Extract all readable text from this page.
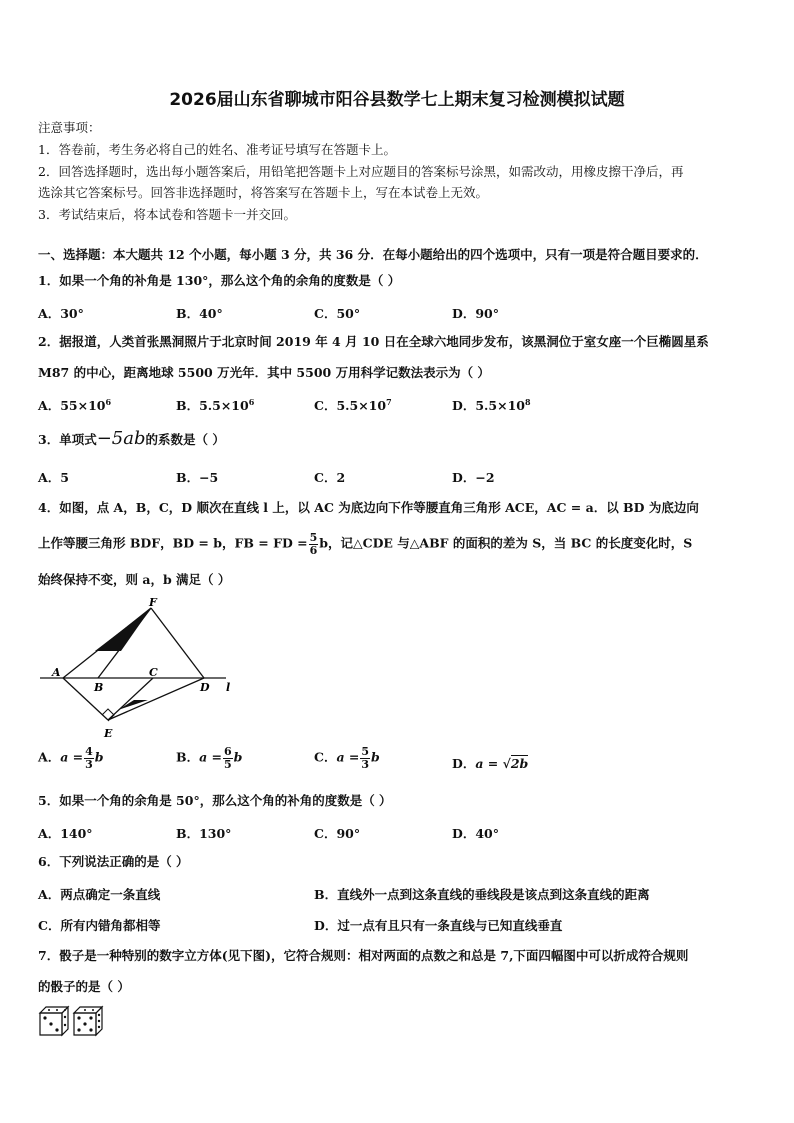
2026届山东省聊城市阳谷县数学七上期末复习检测模拟试题
注意事项：
1．答卷前，考生务必将自己的姓名、准考证号填写在答题卡上。
2．回答选择题时，选出每小题答案后，用铅笔把答题卡上对应题目的答案标号涂黑，如需改动，用橡皮擦干净后，再
选涂其它答案标号。回答非选择题时，将答案写在答题卡上，写在本试卷上无效。
3．考试结束后，将本试卷和答题卡一并交回。
一、选择题：本大题共 12 个小题，每小题 3 分，共 36 分．在每小题给出的四个选项中，只有一项是符合题目要求的．
1．如果一个角的补角是 130°，那么这个角的余角的度数是（ ）
A．30°	B．40°	C．50°	D．90°
2．据报道，人类首张黑洞照片于北京时间 2019 年 4 月 10 日在全球六地同步发布，该黑洞位于室女座一个巨椭圆星系
M87 的中心，距离地球 5500 万光年．其中 5500 万用科学记数法表示为（ ）
A．$55\times 10^6$	B．$5.5\times 10^6$	C．$5.5\times 10^7$	D．$5.5\times 10^8$
3．单项式−5ab的系数是（ ）
A．5	B．−5	C．2	D．−2
4．如图，点 A，B，C，D 顺次在直线 l 上，以 AC 为底边向下作等腰直角三角形 ACE，AC = a．以 BD 为底边向
上作等腰三角形 BDF，BD = b，FB = FD = $\frac{5}{6}$ b，记△CDE 与△ABF 的面积的差为 S，当 BC 的长度变化时，S
始终保持不变，则 a，b 满足（ ）
F
A
B
C
D l
E
A．$a = \frac{4}{3}$ b	B．$a = \frac{6}{5}$ b	C．$a = \frac{5}{3}$ b	D．a = √2b
5．如果一个角的余角是 50°，那么这个角的补角的度数是（ ）
A．140°	B．130°	C．90°	D．40°
6．下列说法正确的是（ ）
A．两点确定一条直线	B．直线外一点到这条直线的垂线段是该点到这条直线的距离
C．所有内错角都相等	D．过一点有且只有一条直线与已知直线垂直
7．骰子是一种特别的数字立方体(见下图)，它符合规则：相对两面的点数之和总是 7,下面四幅图中可以折成符合规则
的骰子的是（ ）
